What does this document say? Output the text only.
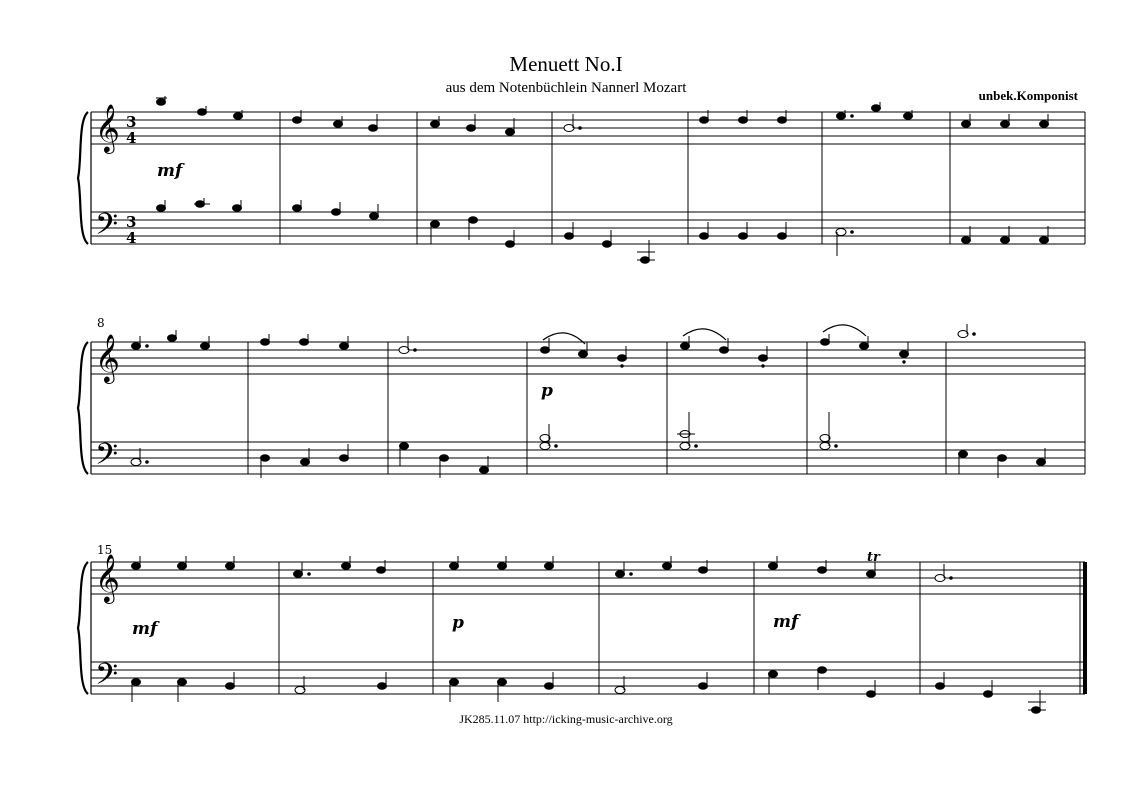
Menuett No.I
aus dem Notenbüchlein Nannerl Mozart	unbek.Komponist
𝄞
𝄢
3
4
3
4
mf
8
𝄞
𝄢
p
15
𝄞
𝄢
tr
mf	p	mf
JK285.11.07 http://icking-music-archive.org
